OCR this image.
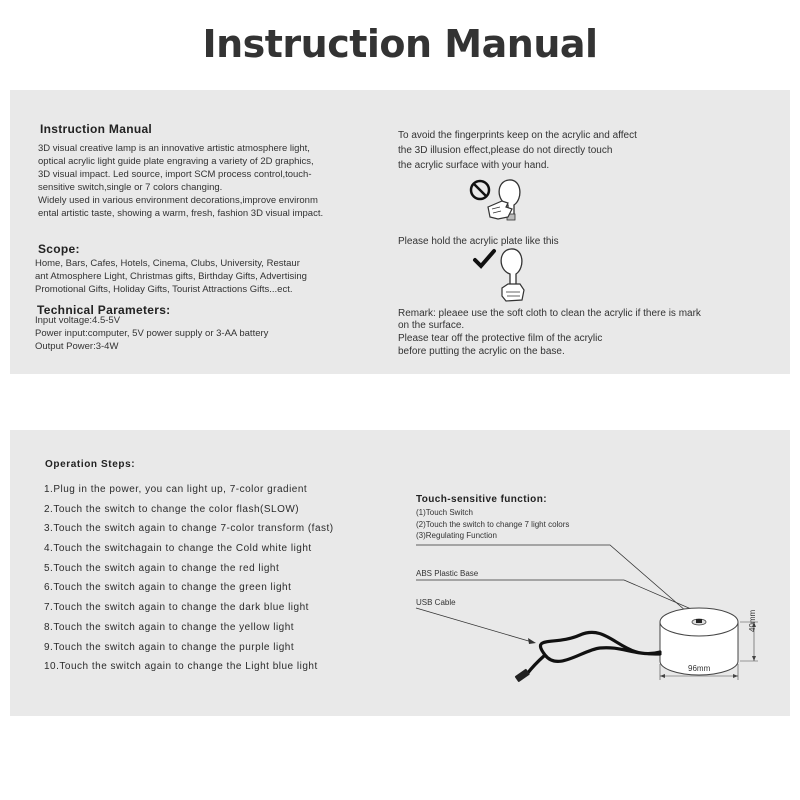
Instruction Manual
Instruction Manual
3D visual creative lamp is an innovative artistic atmosphere light,
optical acrylic light guide plate engraving a variety of 2D graphics,
3D visual impact. Led source, import SCM process control,touch-
sensitive switch,single or 7 colors changing.
Widely used in various environment decorations,improve environm
ental artistic taste, showing a warm, fresh, fashion 3D visual impact.
Scope:
Home, Bars, Cafes, Hotels, Cinema, Clubs, University, Restaur
ant Atmosphere Light, Christmas gifts, Birthday Gifts, Advertising
Promotional Gifts, Holiday Gifts, Tourist Attractions Gifts...ect.
Technical Parameters:
Input voltage:4.5-5V
Power input:computer, 5V power supply or 3-AA battery
Output Power:3-4W
To avoid the fingerprints keep on the acrylic and affect
the 3D illusion effect,please do not directly touch
the acrylic surface with your hand.
Please hold the acrylic plate like this
Remark: pleaee use the soft cloth to clean the acrylic if there is mark
on the surface.
Please tear off the protective film of the acrylic
before putting the acrylic on the base.
Operation Steps:
1.Plug in the power, you can light up, 7-color gradient
2.Touch the switch to change the color flash(SLOW)
3.Touch the switch again to change 7-color transform (fast)
4.Touch the switchagain to change the Cold white light
5.Touch the switch again to change the red light
6.Touch the switch again to change the green light
7.Touch the switch again to change the dark blue light
8.Touch the switch again to change the yellow light
9.Touch the switch again to change the purple light
10.Touch the switch again to change the Light blue light
Touch-sensitive function:
(1)Touch Switch
(2)Touch the switch to change 7 light colors
(3)Regulating Function
ABS Plastic Base
USB Cable
40mm
96mm
